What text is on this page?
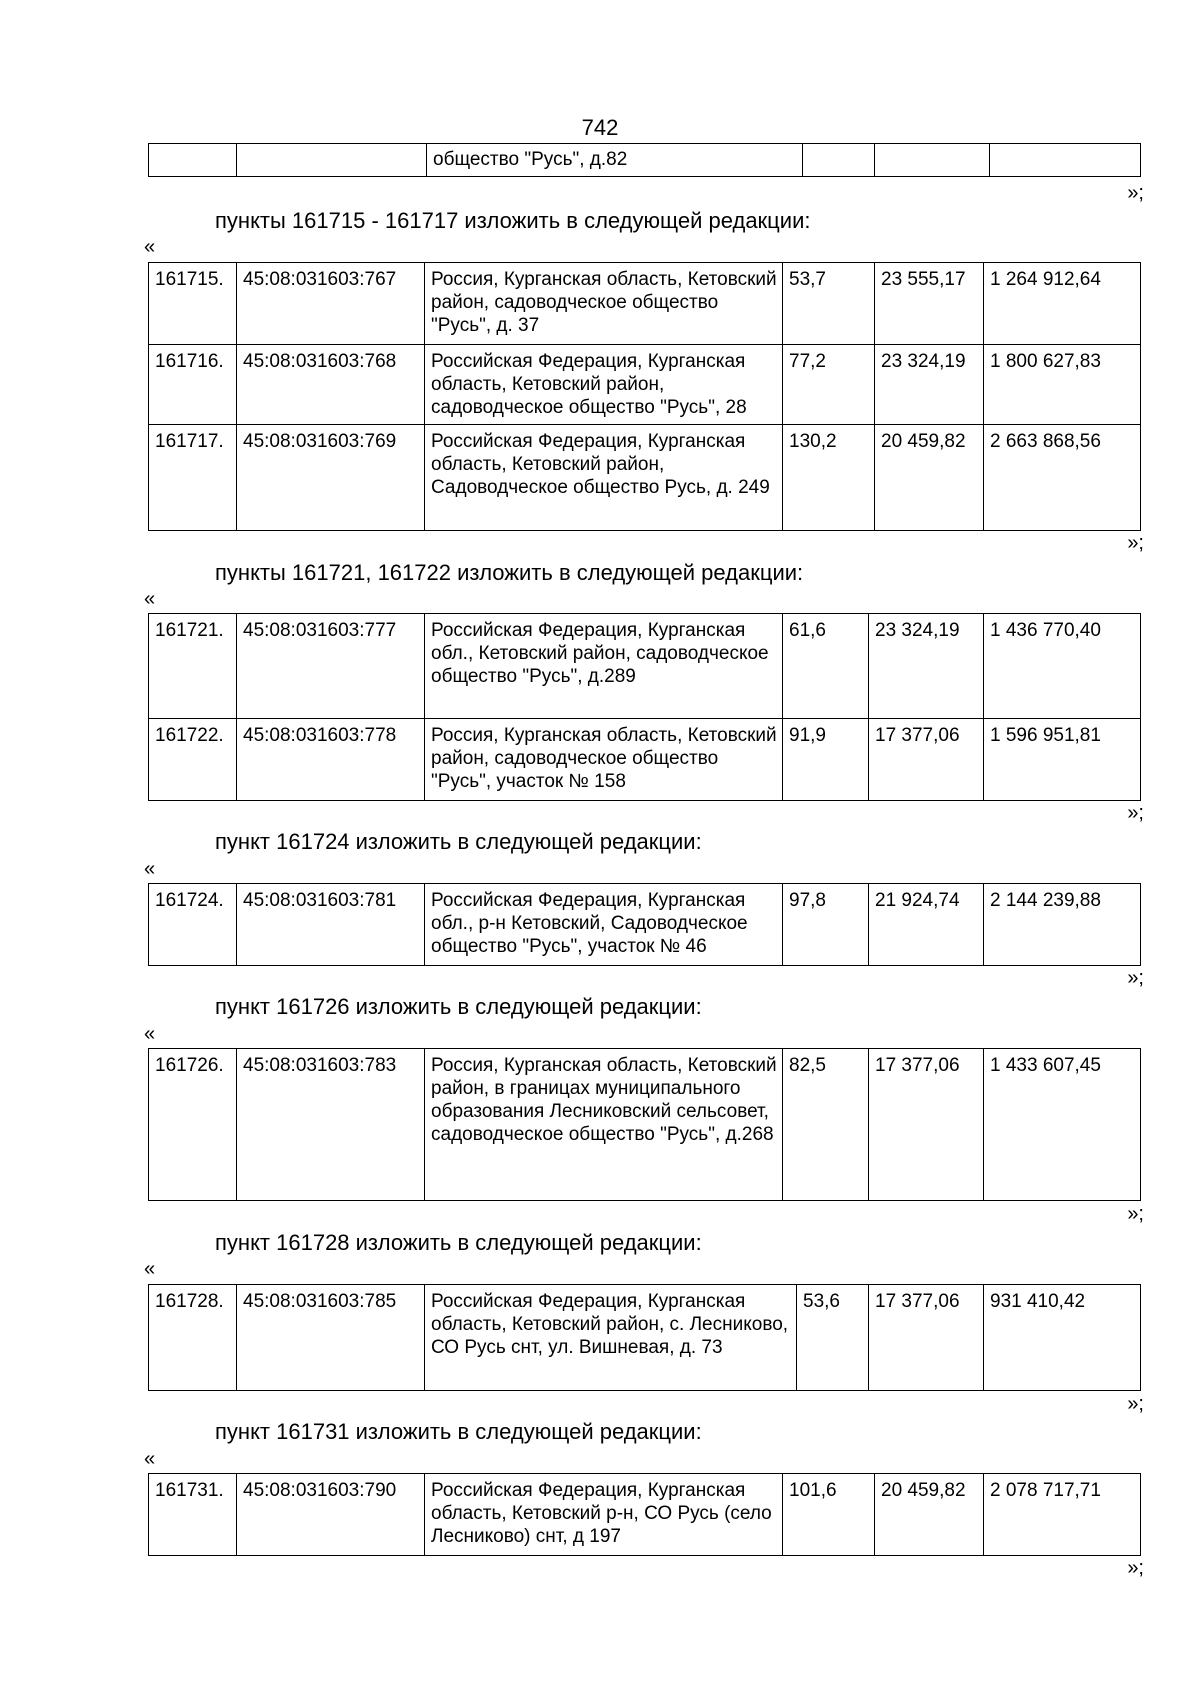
742
		общество "Русь", д.82			
»;
пункты 161715 - 161717 изложить в следующей редакции:
«
161715.	45:08:031603:767	Россия, Курганская область, Кетовский район, садоводческое общество "Русь", д. 37	53,7	23 555,17	1 264 912,64
161716.	45:08:031603:768	Российская Федерация, Курганская область, Кетовский район, садоводческое общество "Русь", 28	77,2	23 324,19	1 800 627,83
161717.	45:08:031603:769	Российская Федерация, Курганская область, Кетовский район, Садоводческое общество Русь, д. 249	130,2	20 459,82	2 663 868,56
»;
пункты 161721, 161722 изложить в следующей редакции:
«
161721.	45:08:031603:777	Российская Федерация, Курганская обл., Кетовский район, садоводческое общество "Русь", д.289	61,6	23 324,19	1 436 770,40
161722.	45:08:031603:778	Россия, Курганская область, Кетовский район, садоводческое общество "Русь", участок № 158	91,9	17 377,06	1 596 951,81
»;
пункт 161724 изложить в следующей редакции:
«
161724.	45:08:031603:781	Российская Федерация, Курганская обл., р-н Кетовский, Садоводческое общество "Русь", участок № 46	97,8	21 924,74	2 144 239,88
»;
пункт 161726 изложить в следующей редакции:
«
161726.	45:08:031603:783	Россия, Курганская область, Кетовский район, в границах муниципального образования Лесниковский сельсовет, садоводческое общество "Русь", д.268	82,5	17 377,06	1 433 607,45
»;
пункт 161728 изложить в следующей редакции:
«
161728.	45:08:031603:785	Российская Федерация, Курганская область, Кетовский район, с. Лесниково, СО Русь снт, ул. Вишневая, д. 73	53,6	17 377,06	931 410,42
»;
пункт 161731 изложить в следующей редакции:
«
161731.	45:08:031603:790	Российская Федерация, Курганская область, Кетовский р-н, СО Русь (село Лесниково) снт, д 197	101,6	20 459,82	2 078 717,71
»;
